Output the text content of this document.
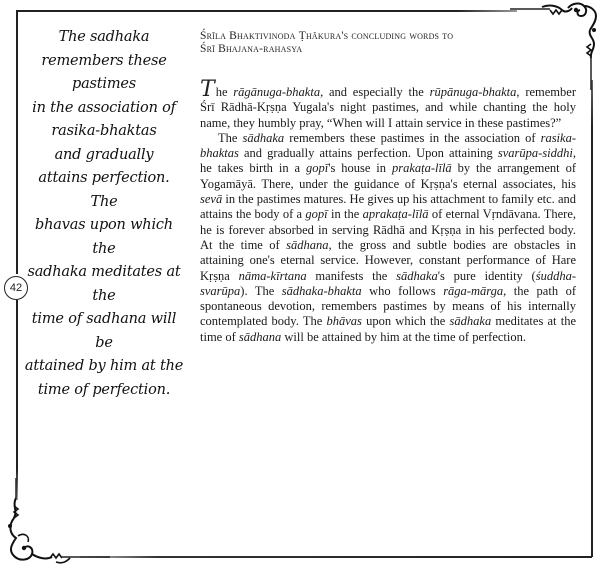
42
The sadhaka
remembers these pastimes
in the association of
rasika-bhaktas
and gradually
attains perfection. The
bhavas upon which the
sadhaka meditates at the
time of sadhana will be
attained by him at the
time of perfection.
Śrīla Bhaktivinoda Ṭhākura's concluding words to
Śrī Bhajana-rahasya

The rāgānuga-bhakta, and especially the rūpānuga-bhakta, remember Śrī Rādhā-Kṛṣṇa Yugala's night pastimes, and while chanting the holy name, they humbly pray, “When will I attain service in these pastimes?”

The sādhaka remembers these pastimes in the association of rasika-bhaktas and gradually attains perfection. Upon attaining svarūpa-siddhi, he takes birth in a gopī's house in prakaṭa-līlā by the arrangement of Yogamāyā. There, under the guidance of Kṛṣṇa's eternal associates, his sevā in the pastimes matures. He gives up his attachment to family etc. and attains the body of a gopī in the aprakaṭa-līlā of eternal Vṛndāvana. There, he is forever absorbed in serving Rādhā and Kṛṣṇa in his perfected body. At the time of sādhana, the gross and subtle bodies are obstacles in attaining one's eternal service. However, constant performance of Hare Kṛṣṇa nāma-kīrtana manifests the sādhaka's pure identity (śuddha-svarūpa). The sādhaka-bhakta who follows rāga-mārga, the path of spontaneous devotion, remembers pastimes by means of his internally contemplated body. The bhāvas upon which the sādhaka meditates at the time of sādhana will be attained by him at the time of perfection.
